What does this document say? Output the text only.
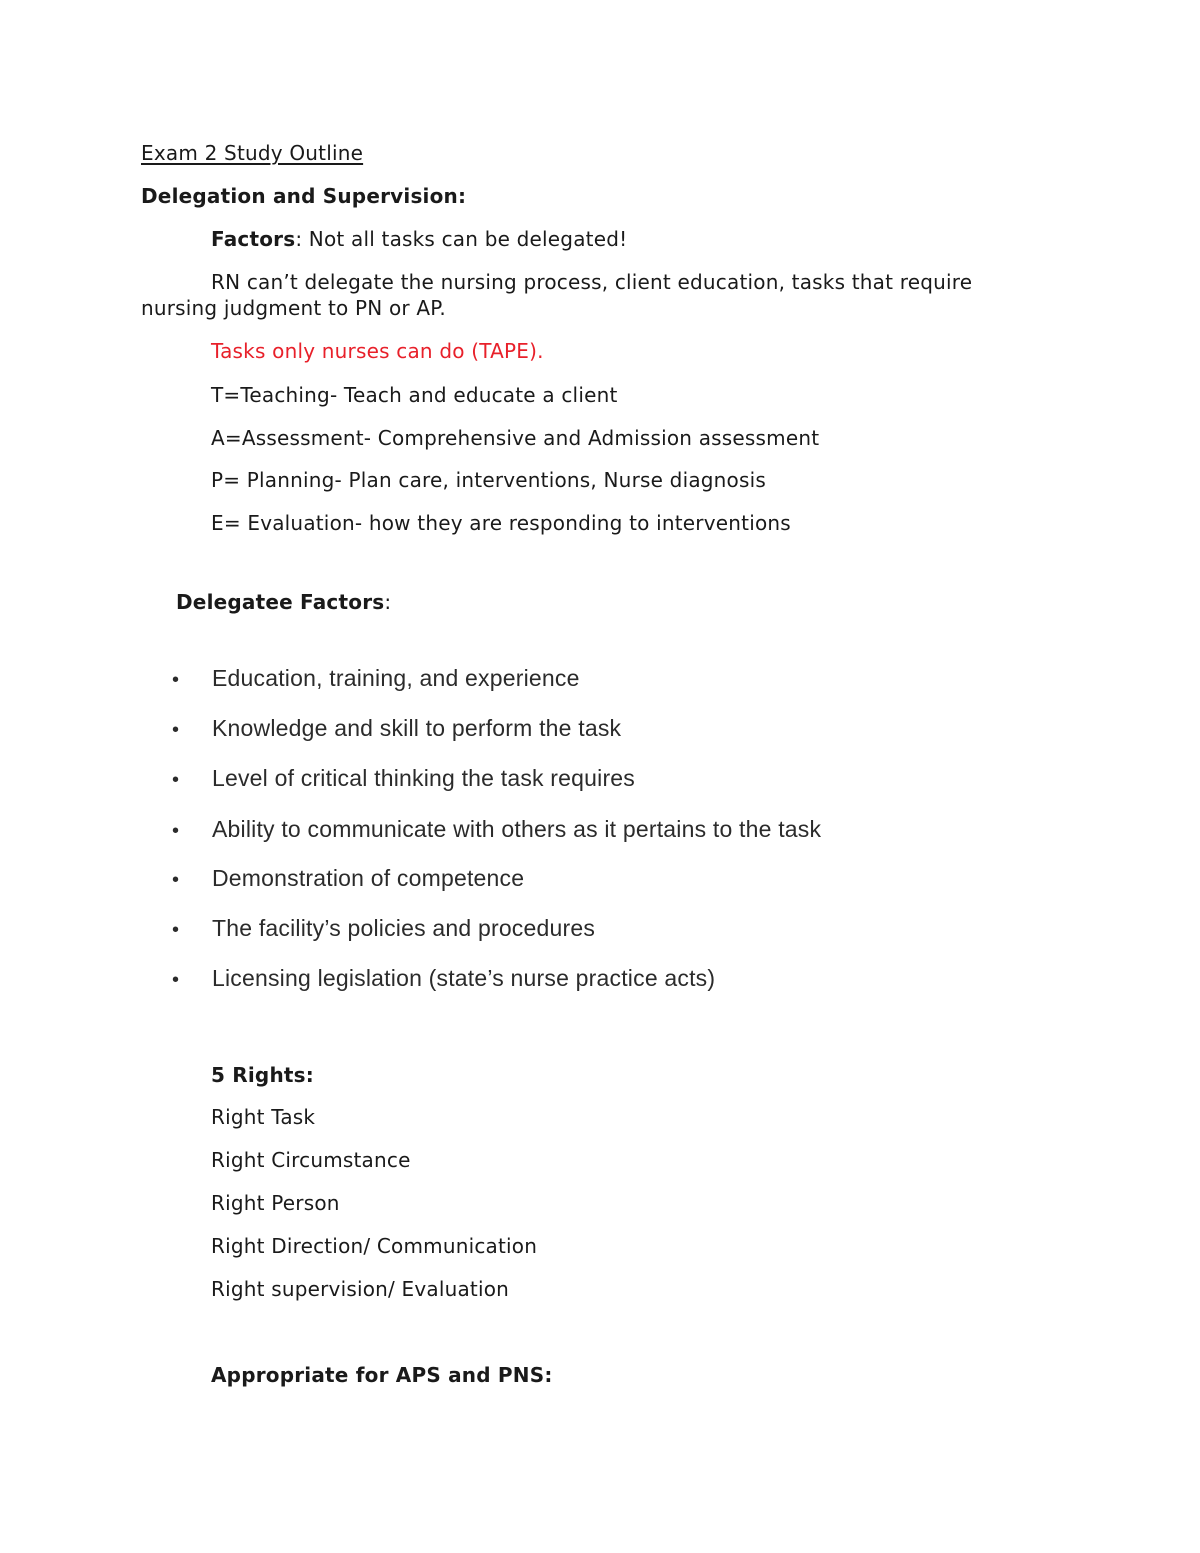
Exam 2 Study Outline
Delegation and Supervision:
Factors: Not all tasks can be delegated!
RN can’t delegate the nursing process, client education, tasks that require nursing judgment to PN or AP.
Tasks only nurses can do (TAPE).
T=Teaching- Teach and educate a client
A=Assessment- Comprehensive and Admission assessment
P= Planning- Plan care, interventions, Nurse diagnosis
E= Evaluation- how they are responding to interventions
Delegatee Factors:
• Education, training, and experience
• Knowledge and skill to perform the task
• Level of critical thinking the task requires
• Ability to communicate with others as it pertains to the task
• Demonstration of competence
• The facility’s policies and procedures
• Licensing legislation (state’s nurse practice acts)
5 Rights:
Right Task
Right Circumstance
Right Person
Right Direction/ Communication
Right supervision/ Evaluation
Appropriate for APS and PNS:
